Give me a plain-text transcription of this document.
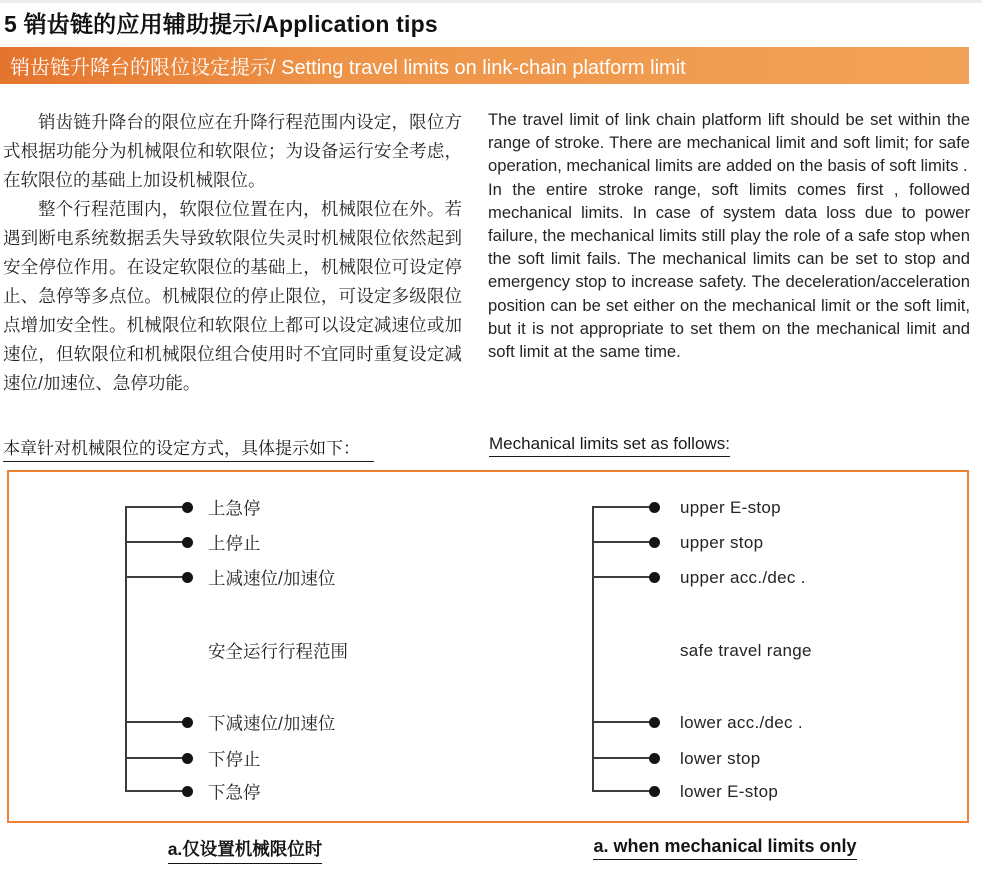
5 销齿链的应用辅助提示/Application tips
销齿链升降台的限位设定提示/ Setting travel limits on link-chain platform limit

销齿链升降台的限位应在升降行程范围内设定，限位方式根据功能分为机械限位和软限位；为设备运行安全考虑，在软限位的基础上加设机械限位。

整个行程范围内，软限位位置在内，机械限位在外。若遇到断电系统数据丢失导致软限位失灵时机械限位依然起到安全停位作用。在设定软限位的基础上，机械限位可设定停止、急停等多点位。机械限位的停止限位，可设定多级限位点增加安全性。机械限位和软限位上都可以设定减速位或加速位，但软限位和机械限位组合使用时不宜同时重复设定减速位/加速位、急停功能。

The travel limit of link chain platform lift should be set within the range of stroke. There are mechanical limit and soft limit; for safe operation, mechanical limits are added on the basis of soft limits .

In the entire stroke range, soft limits comes first , followed mechanical limits. In case of system data loss due to power failure, the mechanical limits still play the role of a safe stop when the soft limit fails. The mechanical limits can be set to stop and emergency stop to increase safety. The deceleration/acceleration position can be set either on the mechanical limit or the soft limit, but it is not appropriate to set them on the mechanical limit and soft limit at the same time.

本章针对机械限位的设定方式，具体提示如下：	Mechanical limits set as follows:
上急停
上停止
上减速位/加速位
安全运行行程范围
下减速位/加速位
下停止
下急停
upper E-stop
upper stop
upper acc./dec .
safe travel range
lower acc./dec .
lower stop
lower E-stop
a.仅设置机械限位时	a. when mechanical limits only
